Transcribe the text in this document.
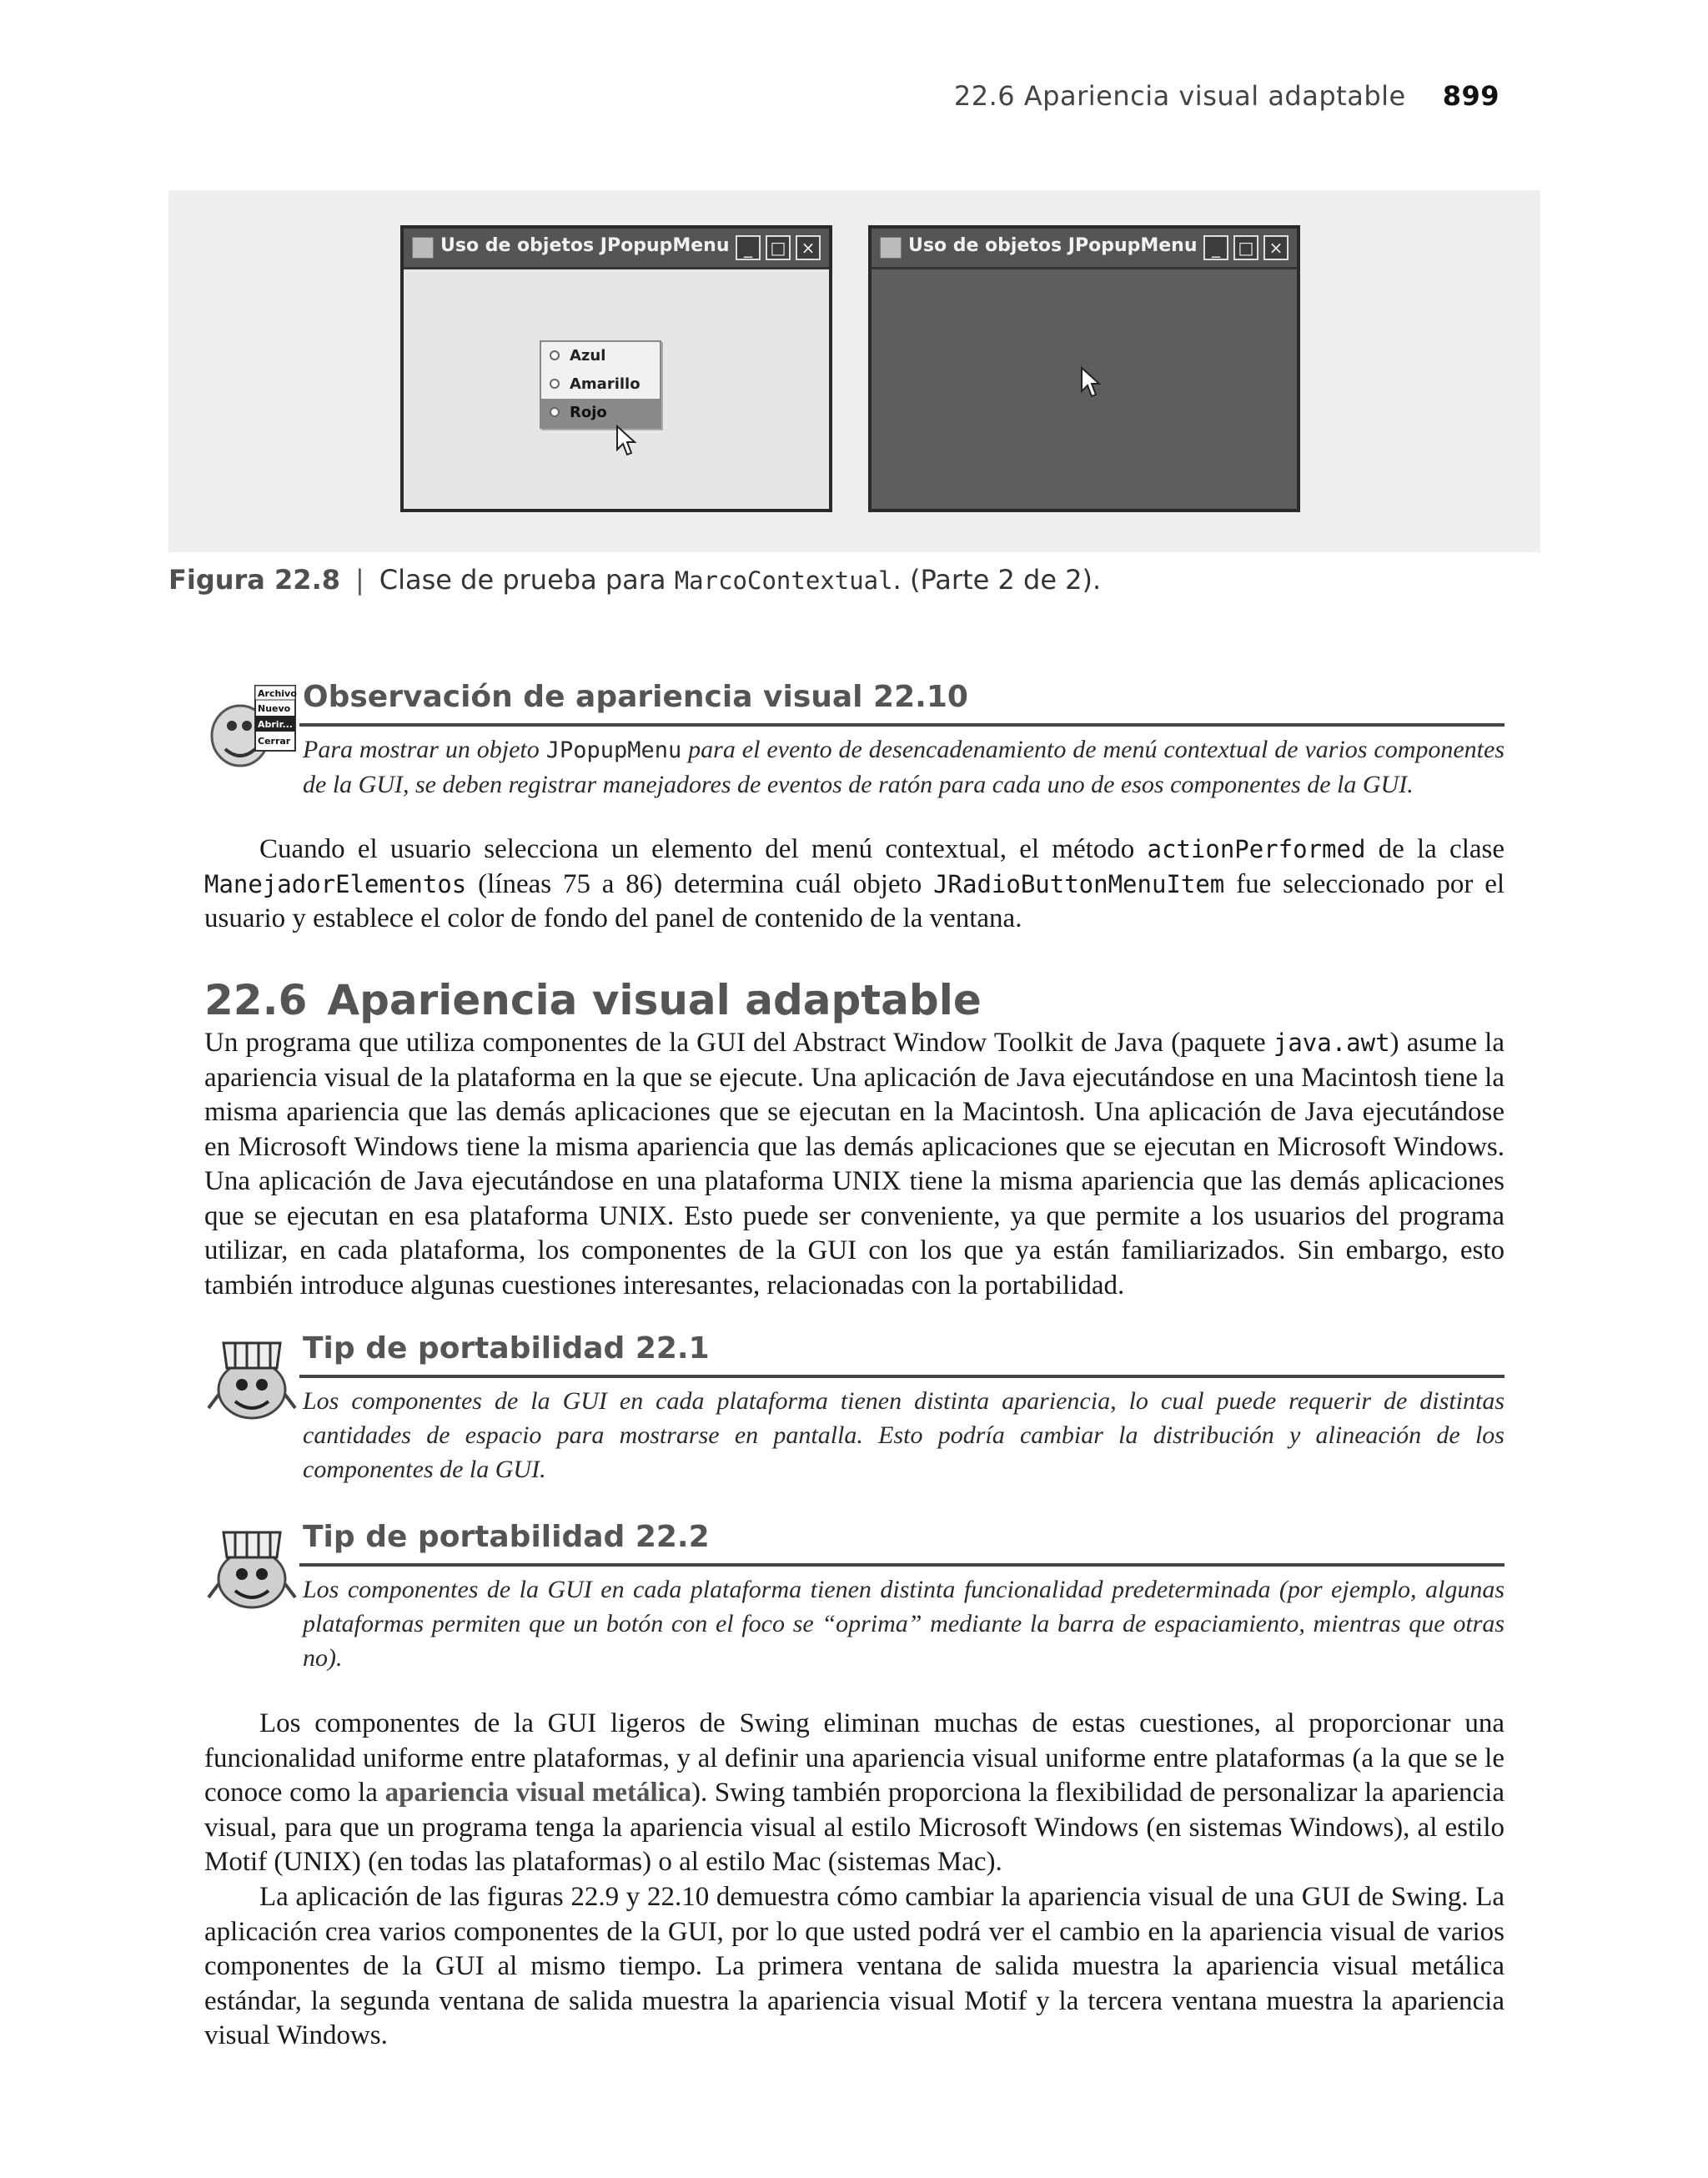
22.6 Apariencia visual adaptable 899
Uso de objetos JPopupMenu _	□ ×
Azul
Amarillo
Rojo
Uso de objetos JPopupMenu _	□ ×
Figura 22.8 | Clase de prueba para MarcoContextual. (Parte 2 de 2).
Archivo
Nuevo
Abrir...
Cerrar
Observación de apariencia visual 22.10
Para mostrar un objeto JPopupMenu para el evento de desencadenamiento de menú contextual de varios componentes de la GUI, se deben registrar manejadores de eventos de ratón para cada uno de esos componentes de la GUI.
Cuando el usuario selecciona un elemento del menú contextual, el método actionPerformed de la clase ManejadorElementos (líneas 75 a 86) determina cuál objeto JRadioButtonMenuItem fue seleccionado por el usuario y establece el color de fondo del panel de contenido de la ventana.
22.6 Apariencia visual adaptable
Un programa que utiliza componentes de la GUI del Abstract Window Toolkit de Java (paquete java.awt) asume la apariencia visual de la plataforma en la que se ejecute. Una aplicación de Java ejecutándose en una Macintosh tiene la misma apariencia que las demás aplicaciones que se ejecutan en la Macintosh. Una aplicación de Java ejecutándose en Microsoft Windows tiene la misma apariencia que las demás aplicaciones que se ejecutan en Microsoft Windows. Una aplicación de Java ejecutándose en una plataforma UNIX tiene la misma apariencia que las demás aplicaciones que se ejecutan en esa plataforma UNIX. Esto puede ser conveniente, ya que permite a los usuarios del programa utilizar, en cada plataforma, los componentes de la GUI con los que ya están familiarizados. Sin embargo, esto también introduce algunas cuestiones interesantes, relacionadas con la portabilidad.
Tip de portabilidad 22.1
Los componentes de la GUI en cada plataforma tienen distinta apariencia, lo cual puede requerir de distintas cantidades de espacio para mostrarse en pantalla. Esto podría cambiar la distribución y alineación de los componentes de la GUI.
Tip de portabilidad 22.2
Los componentes de la GUI en cada plataforma tienen distinta funcionalidad predeterminada (por ejemplo, algunas plataformas permiten que un botón con el foco se “oprima” mediante la barra de espaciamiento, mientras que otras no).
Los componentes de la GUI ligeros de Swing eliminan muchas de estas cuestiones, al proporcionar una funcionalidad uniforme entre plataformas, y al definir una apariencia visual uniforme entre plataformas (a la que se le conoce como la apariencia visual metálica). Swing también proporciona la flexibilidad de personalizar la apariencia visual, para que un programa tenga la apariencia visual al estilo Microsoft Windows (en sistemas Windows), al estilo Motif (UNIX) (en todas las plataformas) o al estilo Mac (sistemas Mac).
La aplicación de las figuras 22.9 y 22.10 demuestra cómo cambiar la apariencia visual de una GUI de Swing. La aplicación crea varios componentes de la GUI, por lo que usted podrá ver el cambio en la apariencia visual de varios componentes de la GUI al mismo tiempo. La primera ventana de salida muestra la apariencia visual metálica estándar, la segunda ventana de salida muestra la apariencia visual Motif y la tercera ventana muestra la apariencia visual Windows.
